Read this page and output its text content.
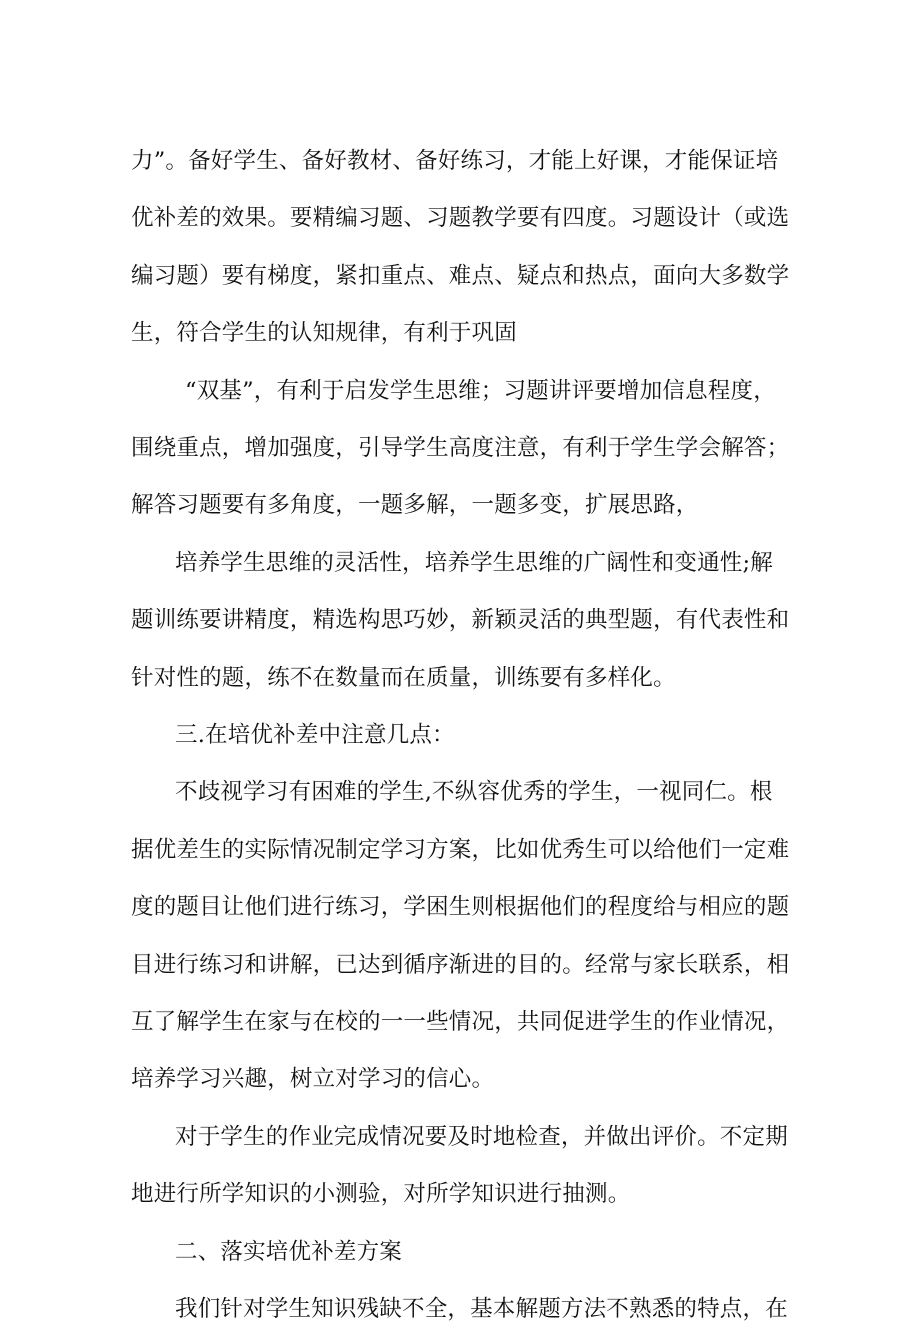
力”。备好学生、备好教材、备好练习，才能上好课，才能保证培
优补差的效果。要精编习题、习题教学要有四度。习题设计（或选
编习题）要有梯度，紧扣重点、难点、疑点和热点，面向大多数学
生，符合学生的认知规律，有利于巩固
“双基”，有利于启发学生思维；习题讲评要增加信息程度，
围绕重点，增加强度，引导学生高度注意，有利于学生学会解答；
解答习题要有多角度，一题多解，一题多变，扩展思路，
培养学生思维的灵活性，培养学生思维的广阔性和变通性;解
题训练要讲精度，精选构思巧妙，新颖灵活的典型题，有代表性和
针对性的题，练不在数量而在质量，训练要有多样化。
三.在培优补差中注意几点：
不歧视学习有困难的学生,不纵容优秀的学生，一视同仁。根
据优差生的实际情况制定学习方案，比如优秀生可以给他们一定难
度的题目让他们进行练习，学困生则根据他们的程度给与相应的题
目进行练习和讲解，已达到循序渐进的目的。经常与家长联系，相
互了解学生在家与在校的一一些情况，共同促进学生的作业情况，
培养学习兴趣，树立对学习的信心。
对于学生的作业完成情况要及时地检查，并做出评价。不定期
地进行所学知识的小测验，对所学知识进行抽测。
二、落实培优补差方案
我们针对学生知识残缺不全，基本解题方法不熟悉的特点，在
